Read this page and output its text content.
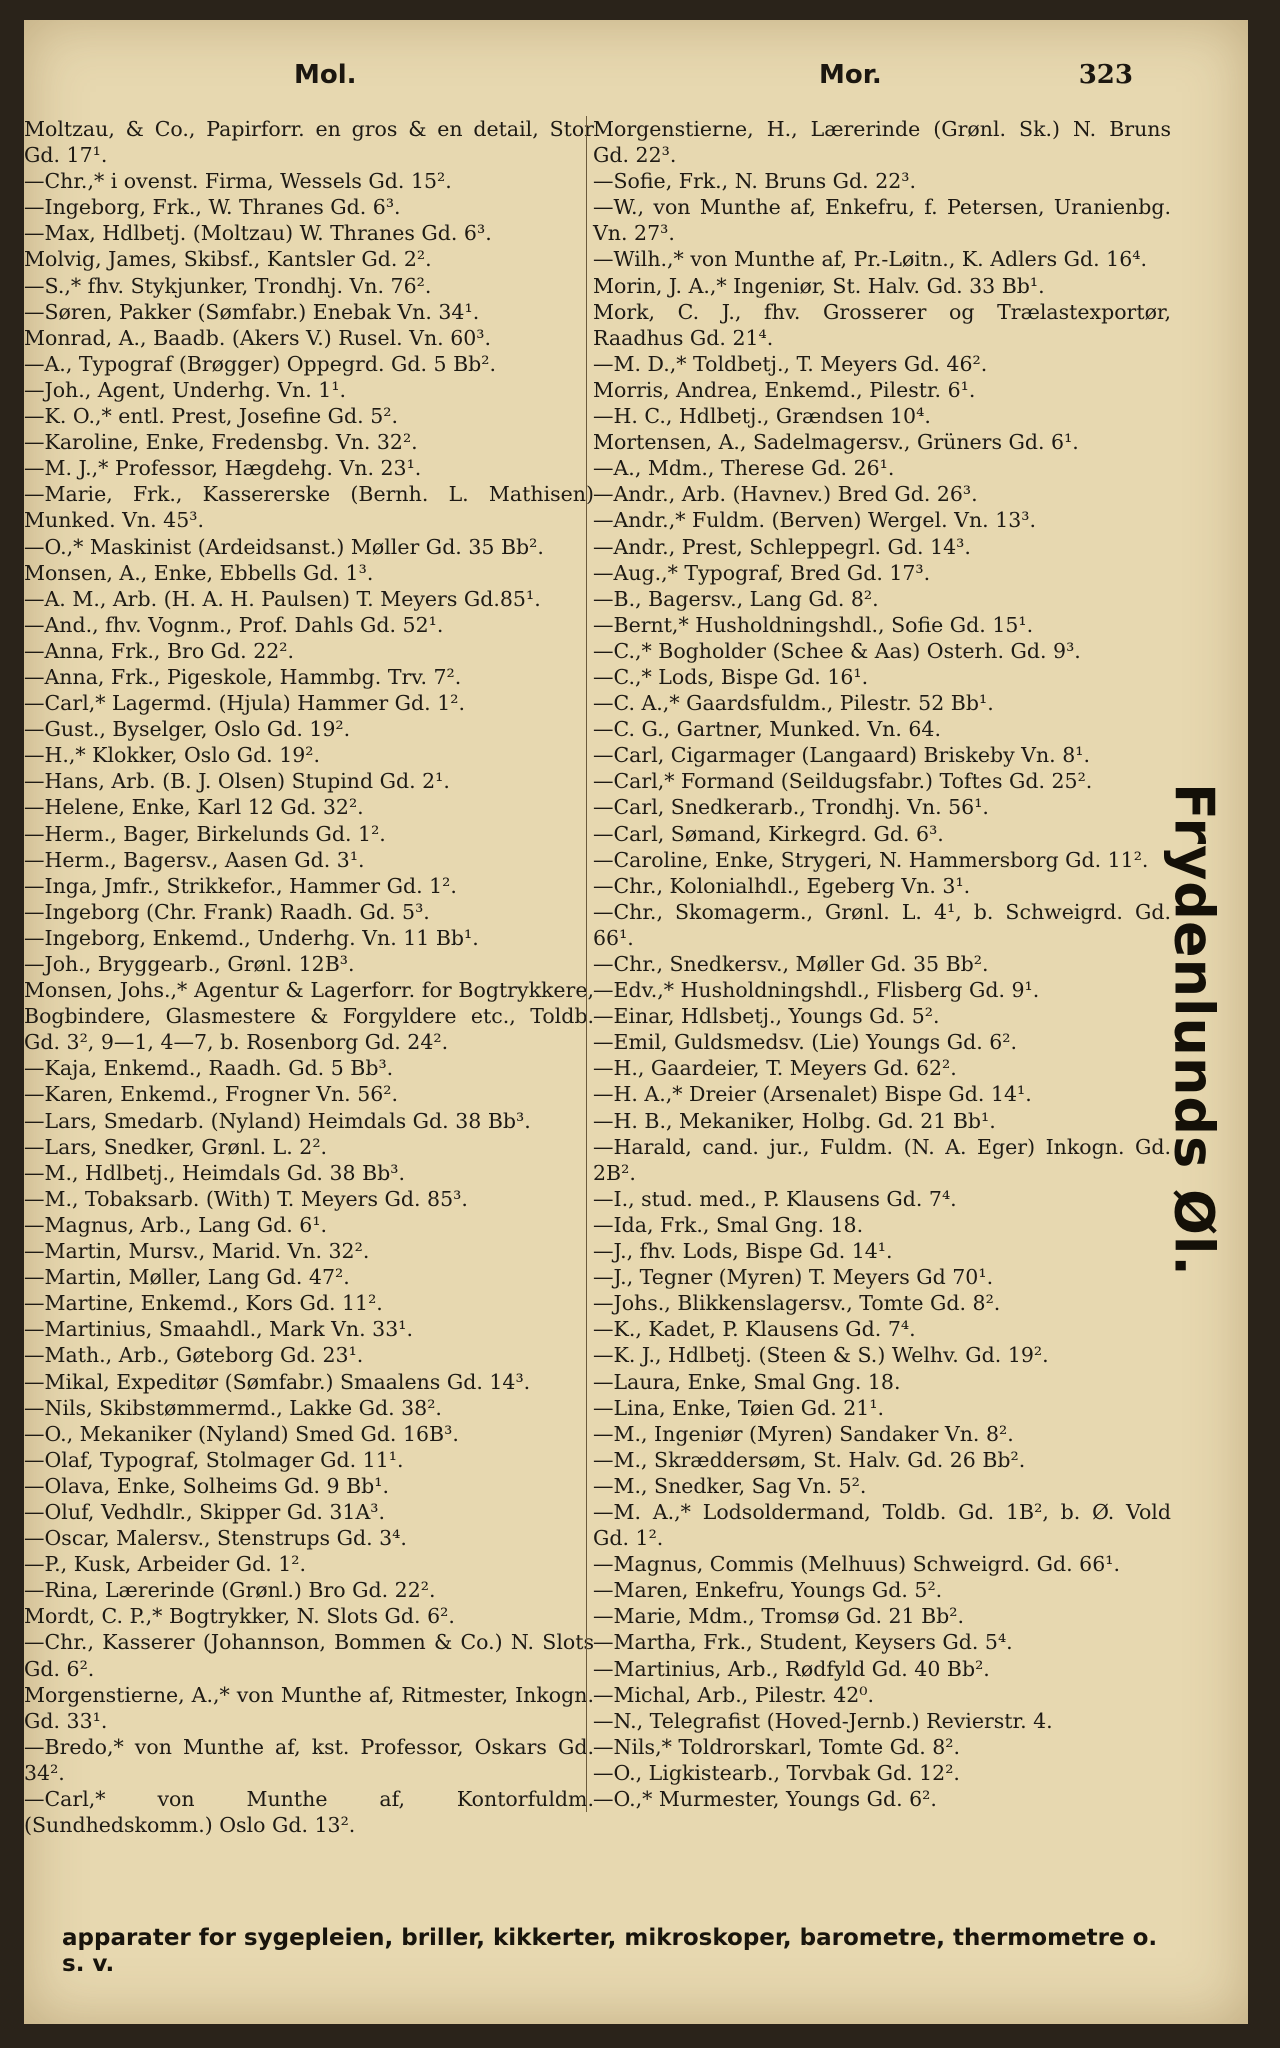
Mol.	Mor.	323
Moltzau, & Co., Papirforr. en gros & en detail, Stor Gd. 17¹.
—Chr.,* i ovenst. Firma, Wessels Gd. 15².
—Ingeborg, Frk., W. Thranes Gd. 6³.
—Max, Hdlbetj. (Moltzau) W. Thranes Gd. 6³.
Molvig, James, Skibsf., Kantsler Gd. 2².
—S.,* fhv. Stykjunker, Trondhj. Vn. 76².
—Søren, Pakker (Sømfabr.) Enebak Vn. 34¹.
Monrad, A., Baadb. (Akers V.) Rusel. Vn. 60³.
—A., Typograf (Brøgger) Oppegrd. Gd. 5 Bb².
—Joh., Agent, Underhg. Vn. 1¹.
—K. O.,* entl. Prest, Josefine Gd. 5².
—Karoline, Enke, Fredensbg. Vn. 32².
—M. J.,* Professor, Hægdehg. Vn. 23¹.
—Marie, Frk., Kassererske (Bernh. L. Mathisen) Munked. Vn. 45³.
—O.,* Maskinist (Ardeidsanst.) Møller Gd. 35 Bb².
Monsen, A., Enke, Ebbells Gd. 1³.
—A. M., Arb. (H. A. H. Paulsen) T. Meyers Gd.85¹.
—And., fhv. Vognm., Prof. Dahls Gd. 52¹.
—Anna, Frk., Bro Gd. 22².
—Anna, Frk., Pigeskole, Hammbg. Trv. 7².
—Carl,* Lagermd. (Hjula) Hammer Gd. 1².
—Gust., Byselger, Oslo Gd. 19².
—H.,* Klokker, Oslo Gd. 19².
—Hans, Arb. (B. J. Olsen) Stupind Gd. 2¹.
—Helene, Enke, Karl 12 Gd. 32².
—Herm., Bager, Birkelunds Gd. 1².
—Herm., Bagersv., Aasen Gd. 3¹.
—Inga, Jmfr., Strikkefor., Hammer Gd. 1².
—Ingeborg (Chr. Frank) Raadh. Gd. 5³.
—Ingeborg, Enkemd., Underhg. Vn. 11 Bb¹.
—Joh., Bryggearb., Grønl. 12B³.
Monsen, Johs.,* Agentur & Lagerforr. for Bogtrykkere, Bogbindere, Glasmestere & Forgyldere etc., Toldb. Gd. 3², 9—1, 4—7, b. Rosenborg Gd. 24².
—Kaja, Enkemd., Raadh. Gd. 5 Bb³.
—Karen, Enkemd., Frogner Vn. 56².
—Lars, Smedarb. (Nyland) Heimdals Gd. 38 Bb³.
—Lars, Snedker, Grønl. L. 2².
—M., Hdlbetj., Heimdals Gd. 38 Bb³.
—M., Tobaksarb. (With) T. Meyers Gd. 85³.
—Magnus, Arb., Lang Gd. 6¹.
—Martin, Mursv., Marid. Vn. 32².
—Martin, Møller, Lang Gd. 47².
—Martine, Enkemd., Kors Gd. 11².
—Martinius, Smaahdl., Mark Vn. 33¹.
—Math., Arb., Gøteborg Gd. 23¹.
—Mikal, Expeditør (Sømfabr.) Smaalens Gd. 14³.
—Nils, Skibstømmermd., Lakke Gd. 38².
—O., Mekaniker (Nyland) Smed Gd. 16B³.
—Olaf, Typograf, Stolmager Gd. 11¹.
—Olava, Enke, Solheims Gd. 9 Bb¹.
—Oluf, Vedhdlr., Skipper Gd. 31A³.
—Oscar, Malersv., Stenstrups Gd. 3⁴.
—P., Kusk, Arbeider Gd. 1².
—Rina, Lærerinde (Grønl.) Bro Gd. 22².
Mordt, C. P.,* Bogtrykker, N. Slots Gd. 6².
—Chr., Kasserer (Johannson, Bommen & Co.) N. Slots Gd. 6².
Morgenstierne, A.,* von Munthe af, Ritmester, Inkogn. Gd. 33¹.
—Bredo,* von Munthe af, kst. Professor, Oskars Gd. 34².
—Carl,* von Munthe af, Kontorfuldm. (Sundhedskomm.) Oslo Gd. 13².
Morgenstierne, H., Lærerinde (Grønl. Sk.) N. Bruns Gd. 22³.
—Sofie, Frk., N. Bruns Gd. 22³.
—W., von Munthe af, Enkefru, f. Petersen, Uranienbg. Vn. 27³.
—Wilh.,* von Munthe af, Pr.-Løitn., K. Adlers Gd. 16⁴.
Morin, J. A.,* Ingeniør, St. Halv. Gd. 33 Bb¹.
Mork, C. J., fhv. Grosserer og Trælastexportør, Raadhus Gd. 21⁴.
—M. D.,* Toldbetj., T. Meyers Gd. 46².
Morris, Andrea, Enkemd., Pilestr. 6¹.
—H. C., Hdlbetj., Grændsen 10⁴.
Mortensen, A., Sadelmagersv., Grüners Gd. 6¹.
—A., Mdm., Therese Gd. 26¹.
—Andr., Arb. (Havnev.) Bred Gd. 26³.
—Andr.,* Fuldm. (Berven) Wergel. Vn. 13³.
—Andr., Prest, Schleppegrl. Gd. 14³.
—Aug.,* Typograf, Bred Gd. 17³.
—B., Bagersv., Lang Gd. 8².
—Bernt,* Husholdningshdl., Sofie Gd. 15¹.
—C.,* Bogholder (Schee & Aas) Osterh. Gd. 9³.
—C.,* Lods, Bispe Gd. 16¹.
—C. A.,* Gaardsfuldm., Pilestr. 52 Bb¹.
—C. G., Gartner, Munked. Vn. 64.
—Carl, Cigarmager (Langaard) Briskeby Vn. 8¹.
—Carl,* Formand (Seildugsfabr.) Toftes Gd. 25².
—Carl, Snedkerarb., Trondhj. Vn. 56¹.
—Carl, Sømand, Kirkegrd. Gd. 6³.
—Caroline, Enke, Strygeri, N. Hammersborg Gd. 11².
—Chr., Kolonialhdl., Egeberg Vn. 3¹.
—Chr., Skomagerm., Grønl. L. 4¹, b. Schweigrd. Gd. 66¹.
—Chr., Snedkersv., Møller Gd. 35 Bb².
—Edv.,* Husholdningshdl., Flisberg Gd. 9¹.
—Einar, Hdlsbetj., Youngs Gd. 5².
—Emil, Guldsmedsv. (Lie) Youngs Gd. 6².
—H., Gaardeier, T. Meyers Gd. 62².
—H. A.,* Dreier (Arsenalet) Bispe Gd. 14¹.
—H. B., Mekaniker, Holbg. Gd. 21 Bb¹.
—Harald, cand. jur., Fuldm. (N. A. Eger) Inkogn. Gd. 2B².
—I., stud. med., P. Klausens Gd. 7⁴.
—Ida, Frk., Smal Gng. 18.
—J., fhv. Lods, Bispe Gd. 14¹.
—J., Tegner (Myren) T. Meyers Gd 70¹.
—Johs., Blikkenslagersv., Tomte Gd. 8².
—K., Kadet, P. Klausens Gd. 7⁴.
—K. J., Hdlbetj. (Steen & S.) Welhv. Gd. 19².
—Laura, Enke, Smal Gng. 18.
—Lina, Enke, Tøien Gd. 21¹.
—M., Ingeniør (Myren) Sandaker Vn. 8².
—M., Skræddersøm, St. Halv. Gd. 26 Bb².
—M., Snedker, Sag Vn. 5².
—M. A.,* Lodsoldermand, Toldb. Gd. 1B², b. Ø. Vold Gd. 1².
—Magnus, Commis (Melhuus) Schweigrd. Gd. 66¹.
—Maren, Enkefru, Youngs Gd. 5².
—Marie, Mdm., Tromsø Gd. 21 Bb².
—Martha, Frk., Student, Keysers Gd. 5⁴.
—Martinius, Arb., Rødfyld Gd. 40 Bb².
—Michal, Arb., Pilestr. 42⁰.
—N., Telegrafist (Hoved-Jernb.) Revierstr. 4.
—Nils,* Toldrorskarl, Tomte Gd. 8².
—O., Ligkistearb., Torvbak Gd. 12².
—O.,* Murmester, Youngs Gd. 6².
Frydenlunds Øl.
apparater for sygepleien, briller, kikkerter, mikroskoper, barometre, thermometre o. s. v.
